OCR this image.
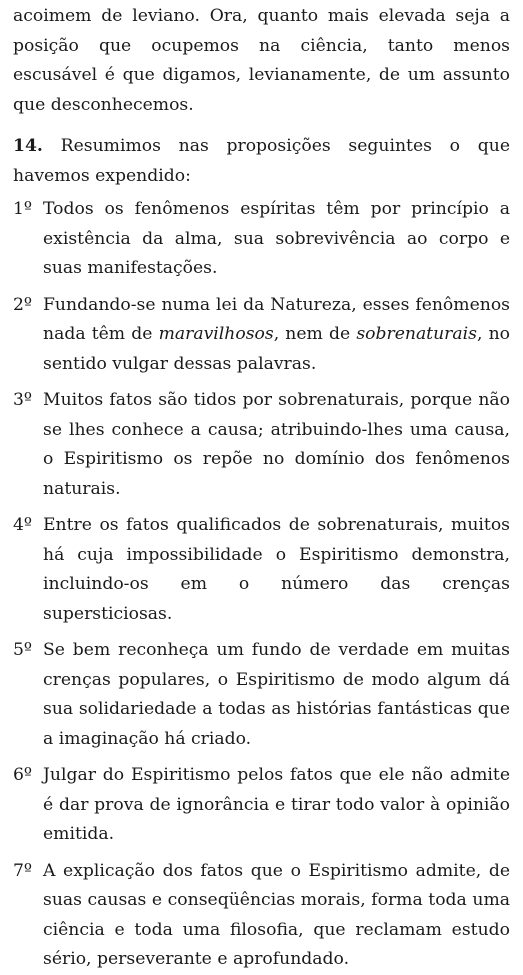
acoimem de leviano. Ora, quanto mais elevada seja a posição que ocupemos na ciência, tanto menos escusável é que digamos, levianamente, de um assunto que desconhecemos.

14. Resumimos nas proposições seguintes o que havemos expendido:

1º Todos os fenômenos espíritas têm por princípio a existência da alma, sua sobrevivência ao corpo e suas manifestações.
2º Fundando-se numa lei da Natureza, esses fenômenos nada têm de maravilhosos, nem de sobrenaturais, no sentido vulgar dessas palavras.
3º Muitos fatos são tidos por sobrenaturais, porque não se lhes conhece a causa; atribuindo-lhes uma causa, o Espiritismo os repõe no domínio dos fenômenos naturais.
4º Entre os fatos qualificados de sobrenaturais, muitos há cuja impossibilidade o Espiritismo demonstra, incluindo-os em o número das crenças supersticiosas.
5º Se bem reconheça um fundo de verdade em muitas crenças populares, o Espiritismo de modo algum dá sua solidariedade a todas as histórias fantásticas que a imaginação há criado.
6º Julgar do Espiritismo pelos fatos que ele não admite é dar prova de ignorância e tirar todo valor à opinião emitida.
7º A explicação dos fatos que o Espiritismo admite, de suas causas e conseqüências morais, forma toda uma ciência e toda uma filosofia, que reclamam estudo sério, perseverante e aprofundado.
